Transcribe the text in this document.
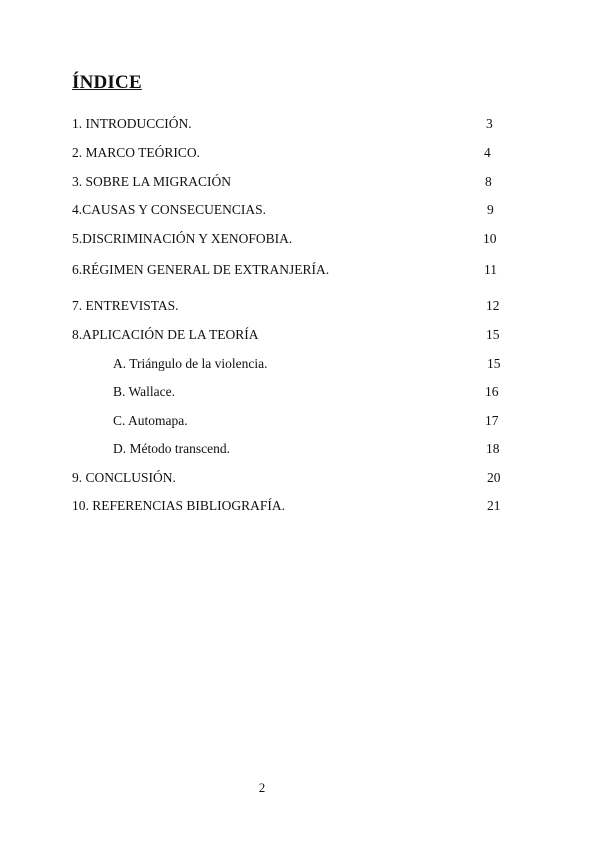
ÍNDICE
1. INTRODUCCIÓN.	3
2. MARCO TEÓRICO.	4
3. SOBRE LA MIGRACIÓN	8
4.CAUSAS Y CONSECUENCIAS.	9
5.DISCRIMINACIÓN Y XENOFOBIA.	10
6.RÉGIMEN GENERAL DE EXTRANJERÍA.	11
7. ENTREVISTAS.	12
8.APLICACIÓN DE LA TEORÍA	15
A. Triángulo de la violencia.	15
B. Wallace.	16
C. Automapa.	17
D. Método transcend.	18
9. CONCLUSIÓN.	20
10. REFERENCIAS BIBLIOGRAFÍA.	21
2
